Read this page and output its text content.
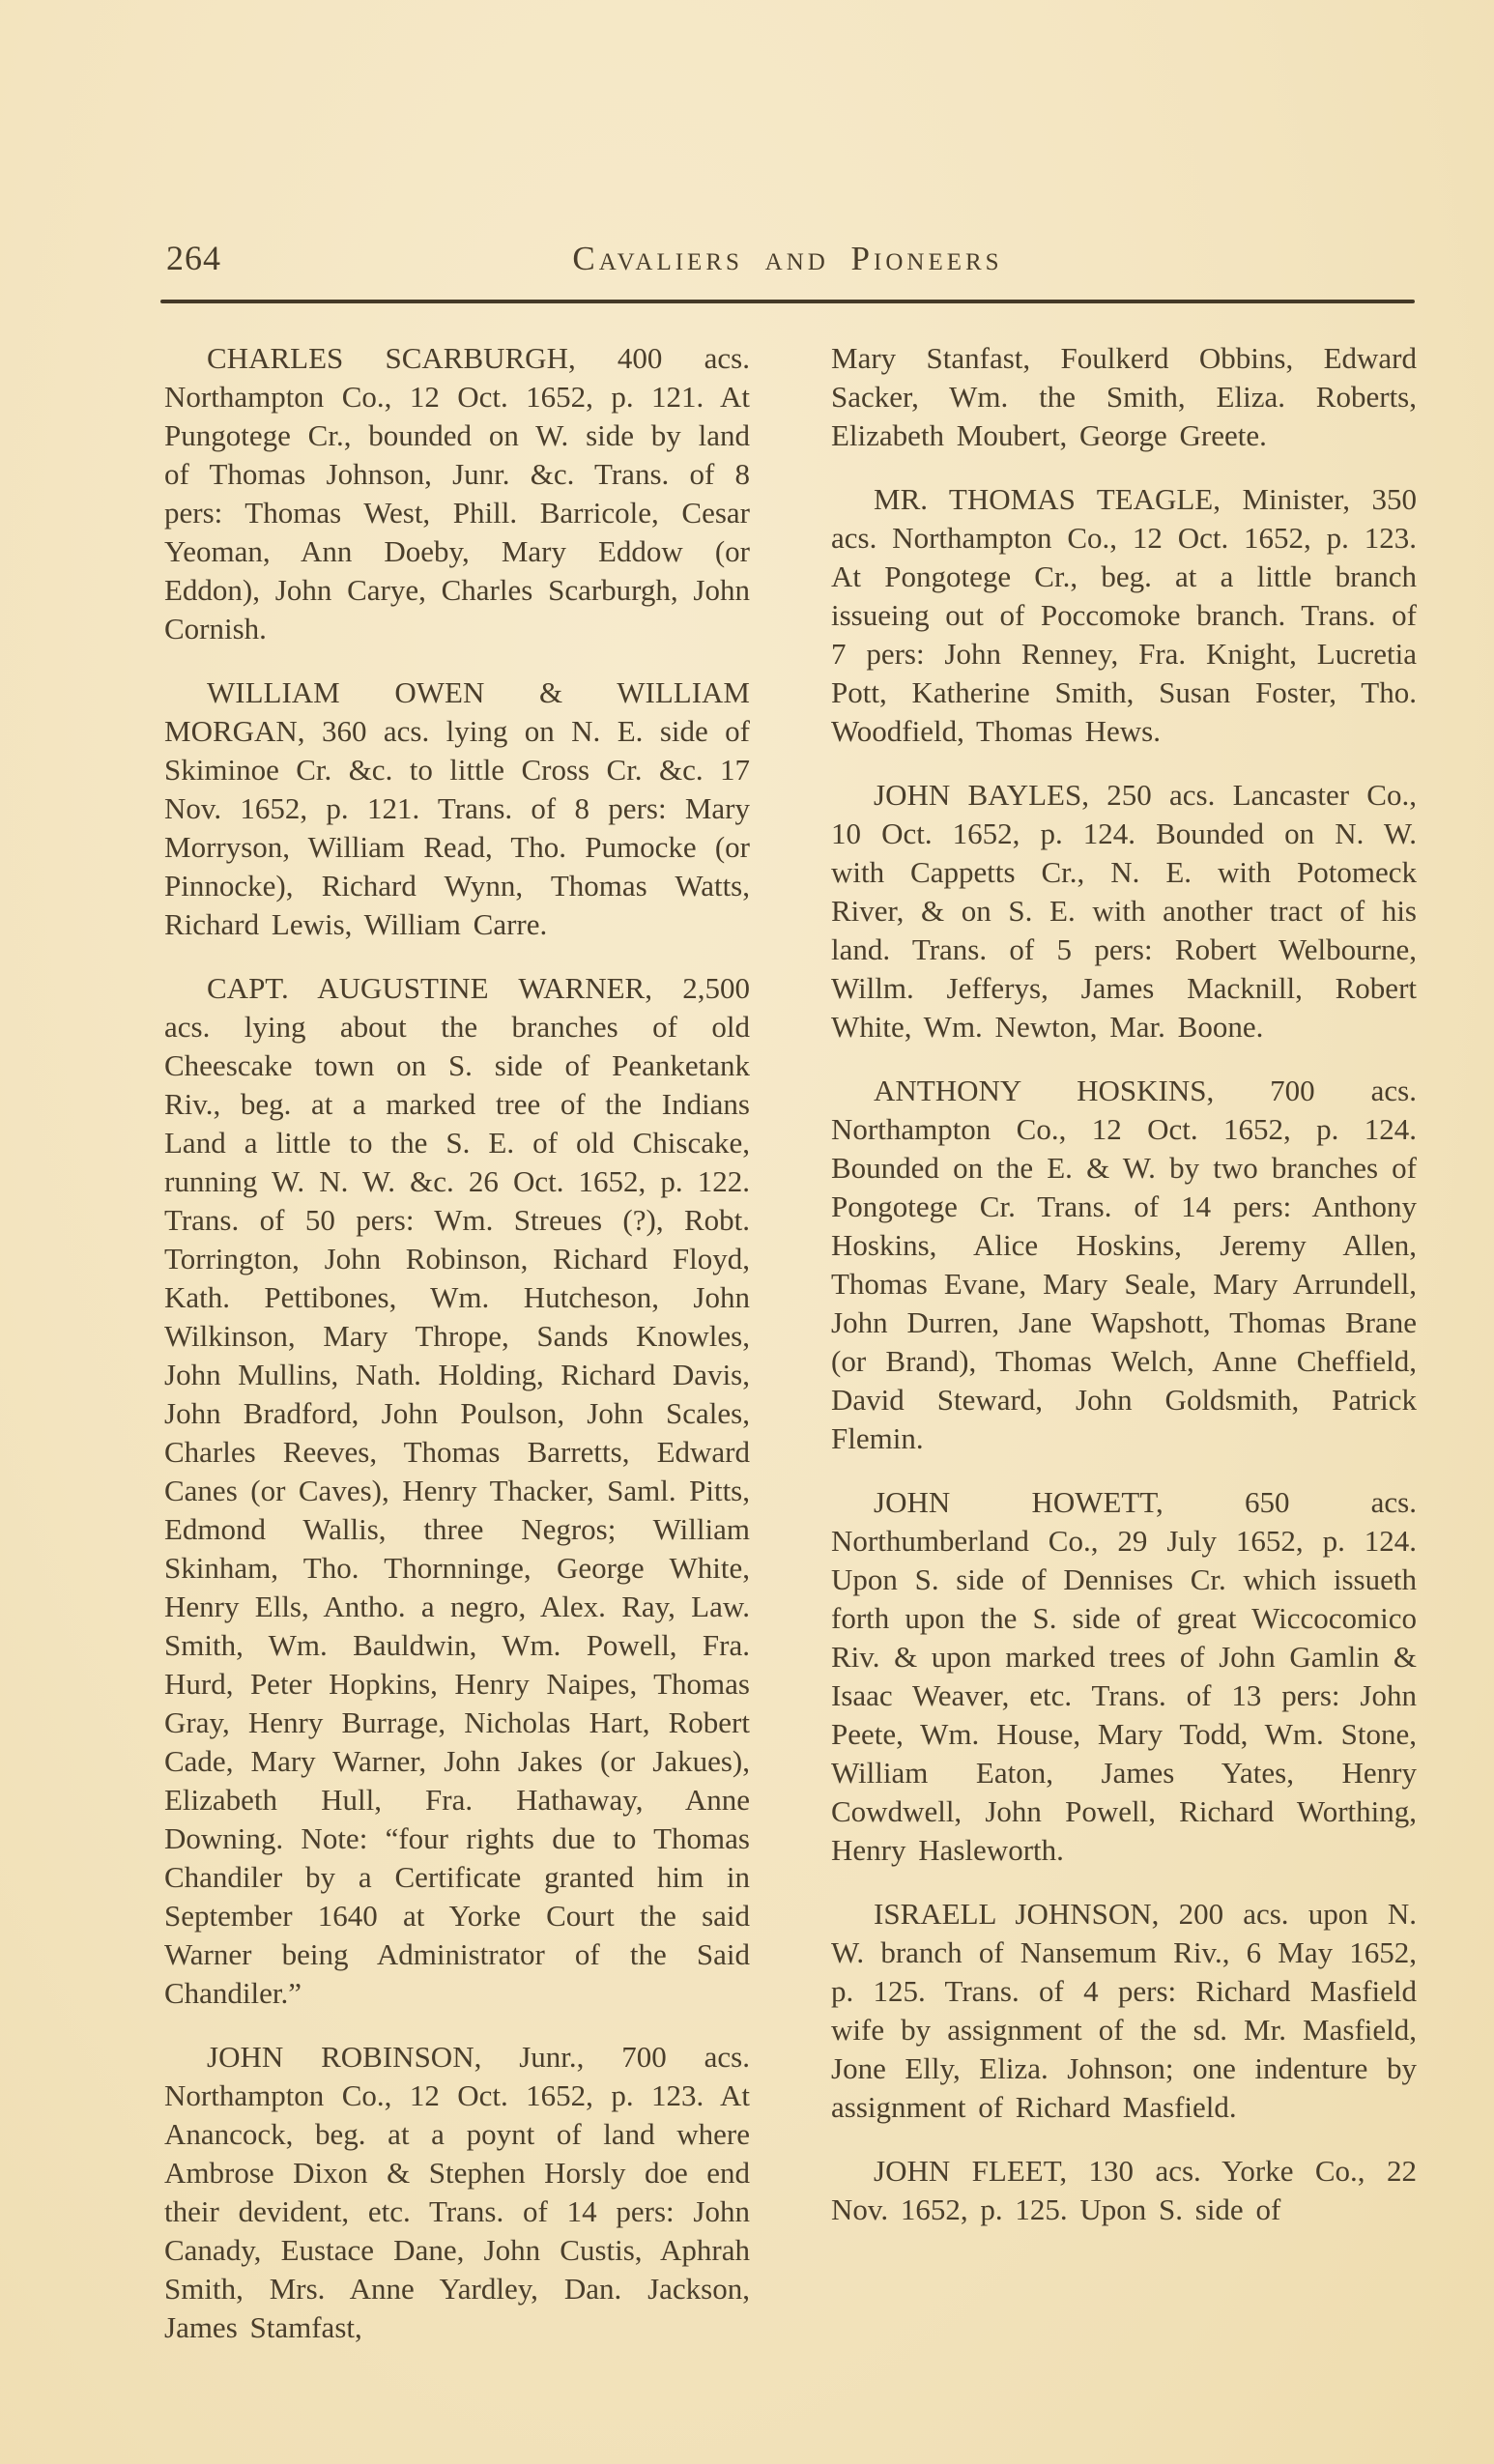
264	Cavaliers and Pioneers

CHARLES SCARBURGH, 400 acs. Northampton Co., 12 Oct. 1652, p. 121. At Pungotege Cr., bounded on W. side by land of Thomas Johnson, Junr. &c. Trans. of 8 pers: Thomas West, Phill. Barricole, Cesar Yeoman, Ann Doeby, Mary Eddow (or Eddon), John Carye, Charles Scarburgh, John Cornish.

WILLIAM OWEN & WILLIAM MORGAN, 360 acs. lying on N. E. side of Skiminoe Cr. &c. to little Cross Cr. &c. 17 Nov. 1652, p. 121. Trans. of 8 pers: Mary Morryson, William Read, Tho. Pumocke (or Pinnocke), Richard Wynn, Thomas Watts, Richard Lewis, William Carre.

CAPT. AUGUSTINE WARNER, 2,500 acs. lying about the branches of old Cheescake town on S. side of Peanketank Riv., beg. at a marked tree of the Indians Land a little to the S. E. of old Chiscake, running W. N. W. &c. 26 Oct. 1652, p. 122. Trans. of 50 pers: Wm. Streues (?), Robt. Torrington, John Robinson, Richard Floyd, Kath. Pettibones, Wm. Hutcheson, John Wilkinson, Mary Thrope, Sands Knowles, John Mullins, Nath. Holding, Richard Davis, John Bradford, John Poulson, John Scales, Charles Reeves, Thomas Barretts, Edward Canes (or Caves), Henry Thacker, Saml. Pitts, Edmond Wallis, three Negros; William Skinham, Tho. Thornninge, George White, Henry Ells, Antho. a negro, Alex. Ray, Law. Smith, Wm. Bauldwin, Wm. Powell, Fra. Hurd, Peter Hopkins, Henry Naipes, Thomas Gray, Henry Burrage, Nicholas Hart, Robert Cade, Mary Warner, John Jakes (or Jakues), Elizabeth Hull, Fra. Hathaway, Anne Downing. Note: “four rights due to Thomas Chandiler by a Certificate granted him in September 1640 at Yorke Court the said Warner being Administrator of the Said Chandiler.”

JOHN ROBINSON, Junr., 700 acs. Northampton Co., 12 Oct. 1652, p. 123. At Anancock, beg. at a poynt of land where Ambrose Dixon & Stephen Horsly doe end their devident, etc. Trans. of 14 pers: John Canady, Eustace Dane, John Custis, Aphrah Smith, Mrs. Anne Yardley, Dan. Jackson, James Stamfast,

Mary Stanfast, Foulkerd Obbins, Edward Sacker, Wm. the Smith, Eliza. Roberts, Elizabeth Moubert, George Greete.

MR. THOMAS TEAGLE, Minister, 350 acs. Northampton Co., 12 Oct. 1652, p. 123. At Pongotege Cr., beg. at a little branch issueing out of Poccomoke branch. Trans. of 7 pers: John Renney, Fra. Knight, Lucretia Pott, Katherine Smith, Susan Foster, Tho. Woodfield, Thomas Hews.

JOHN BAYLES, 250 acs. Lancaster Co., 10 Oct. 1652, p. 124. Bounded on N. W. with Cappetts Cr., N. E. with Potomeck River, & on S. E. with another tract of his land. Trans. of 5 pers: Robert Welbourne, Willm. Jefferys, James Macknill, Robert White, Wm. Newton, Mar. Boone.

ANTHONY HOSKINS, 700 acs. Northampton Co., 12 Oct. 1652, p. 124. Bounded on the E. & W. by two branches of Pongotege Cr. Trans. of 14 pers: Anthony Hoskins, Alice Hoskins, Jeremy Allen, Thomas Evane, Mary Seale, Mary Arrundell, John Durren, Jane Wapshott, Thomas Brane (or Brand), Thomas Welch, Anne Cheffield, David Steward, John Goldsmith, Patrick Flemin.

JOHN HOWETT, 650 acs. Northumberland Co., 29 July 1652, p. 124. Upon S. side of Dennises Cr. which issueth forth upon the S. side of great Wiccocomico Riv. & upon marked trees of John Gamlin & Isaac Weaver, etc. Trans. of 13 pers: John Peete, Wm. House, Mary Todd, Wm. Stone, William Eaton, James Yates, Henry Cowdwell, John Powell, Richard Worthing, Henry Hasleworth.

ISRAELL JOHNSON, 200 acs. upon N. W. branch of Nansemum Riv., 6 May 1652, p. 125. Trans. of 4 pers: Richard Masfield wife by assignment of the sd. Mr. Masfield, Jone Elly, Eliza. Johnson; one indenture by assignment of Richard Masfield.

JOHN FLEET, 130 acs. Yorke Co., 22 Nov. 1652, p. 125. Upon S. side of
